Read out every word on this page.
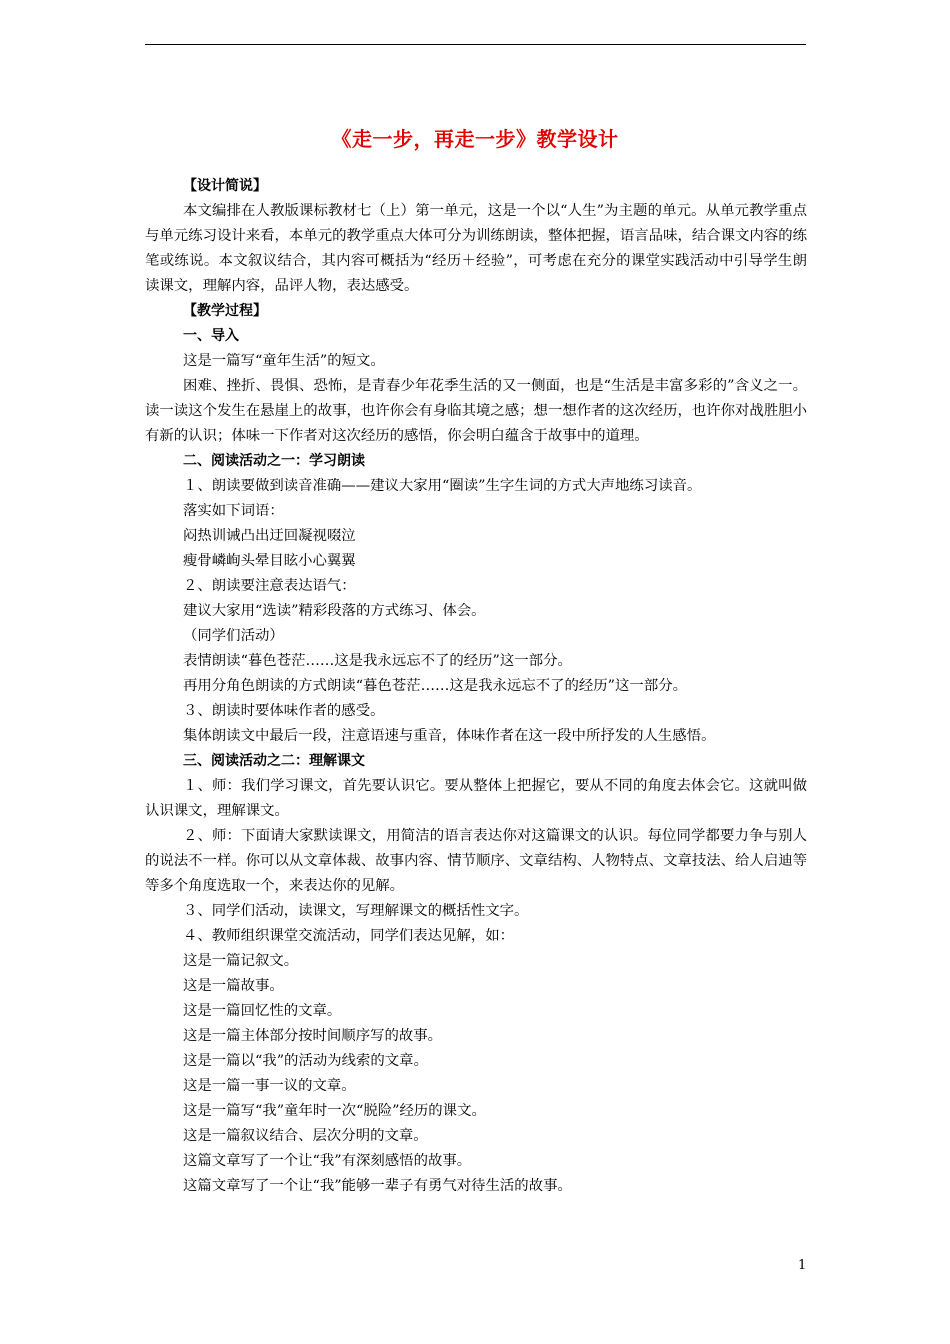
《走一步，再走一步》教学设计

【设计简说】

本文编排在人教版课标教材七（上）第一单元，这是一个以“人生”为主题的单元。从单元教学重点与单元练习设计来看，本单元的教学重点大体可分为训练朗读，整体把握，语言品味，结合课文内容的练笔或练说。本文叙议结合，其内容可概括为“经历＋经验”，可考虑在充分的课堂实践活动中引导学生朗读课文，理解内容，品评人物，表达感受。

【教学过程】

一、导入

这是一篇写“童年生活”的短文。

困难、挫折、畏惧、恐怖，是青春少年花季生活的又一侧面，也是“生活是丰富多彩的”含义之一。读一读这个发生在悬崖上的故事，也许你会有身临其境之感；想一想作者的这次经历，也许你对战胜胆小有新的认识；体味一下作者对这次经历的感悟，你会明白蕴含于故事中的道理。

二、阅读活动之一：学习朗读

１、朗读要做到读音准确——建议大家用“圈读”生字生词的方式大声地练习读音。

落实如下词语：

闷热训诫凸出迂回凝视啜泣

瘦骨嶙峋头晕目眩小心翼翼

２、朗读要注意表达语气：

建议大家用“选读”精彩段落的方式练习、体会。

（同学们活动）

表情朗读“暮色苍茫……这是我永远忘不了的经历”这一部分。

再用分角色朗读的方式朗读“暮色苍茫……这是我永远忘不了的经历”这一部分。

３、朗读时要体味作者的感受。

集体朗读文中最后一段，注意语速与重音，体味作者在这一段中所抒发的人生感悟。

三、阅读活动之二：理解课文

１、师：我们学习课文，首先要认识它。要从整体上把握它，要从不同的角度去体会它。这就叫做认识课文，理解课文。

２、师：下面请大家默读课文，用简洁的语言表达你对这篇课文的认识。每位同学都要力争与别人的说法不一样。你可以从文章体裁、故事内容、情节顺序、文章结构、人物特点、文章技法、给人启迪等等多个角度选取一个，来表达你的见解。

３、同学们活动，读课文，写理解课文的概括性文字。

４、教师组织课堂交流活动，同学们表达见解，如：

这是一篇记叙文。

这是一篇故事。

这是一篇回忆性的文章。

这是一篇主体部分按时间顺序写的故事。

这是一篇以“我”的活动为线索的文章。

这是一篇一事一议的文章。

这是一篇写“我”童年时一次“脱险”经历的课文。

这是一篇叙议结合、层次分明的文章。

这篇文章写了一个让“我”有深刻感悟的故事。

这篇文章写了一个让“我”能够一辈子有勇气对待生活的故事。

1
